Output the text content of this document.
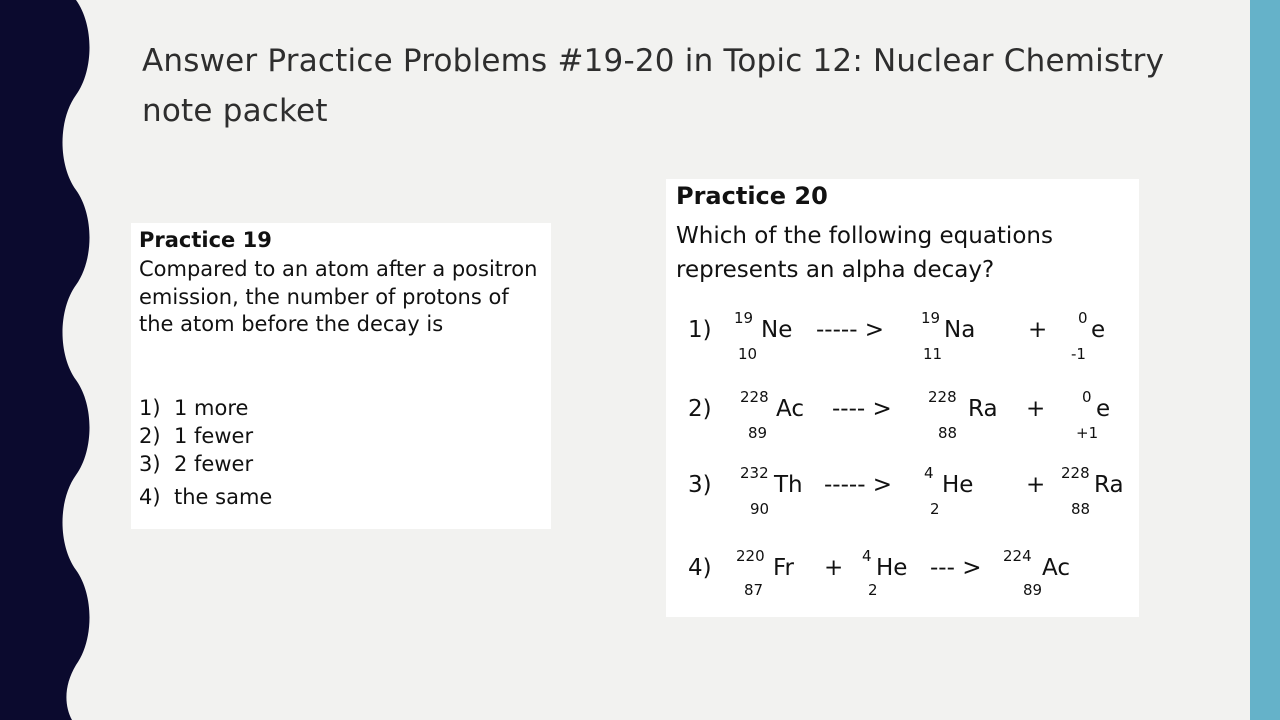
Answer Practice Problems #19-20 in Topic 12: Nuclear Chemistry note packet
Practice 19
Compared to an atom after a positron emission, the number of protons of the atom before the decay is
1) 1 more
2) 1 fewer
3) 2 fewer
4) the same
Practice 20
Which of the following equations represents an alpha decay?
1) 19
10
Ne ----- > 19
11
Na + 0
-1
e
2) 228
89
Ac ---- > 228
88
Ra + 0
+1
e
3) 232
90
Th ----- > 4
2
He + 228
88
Ra
4) 220
87
Fr + 4
2
He --- > 224
89
Ac
